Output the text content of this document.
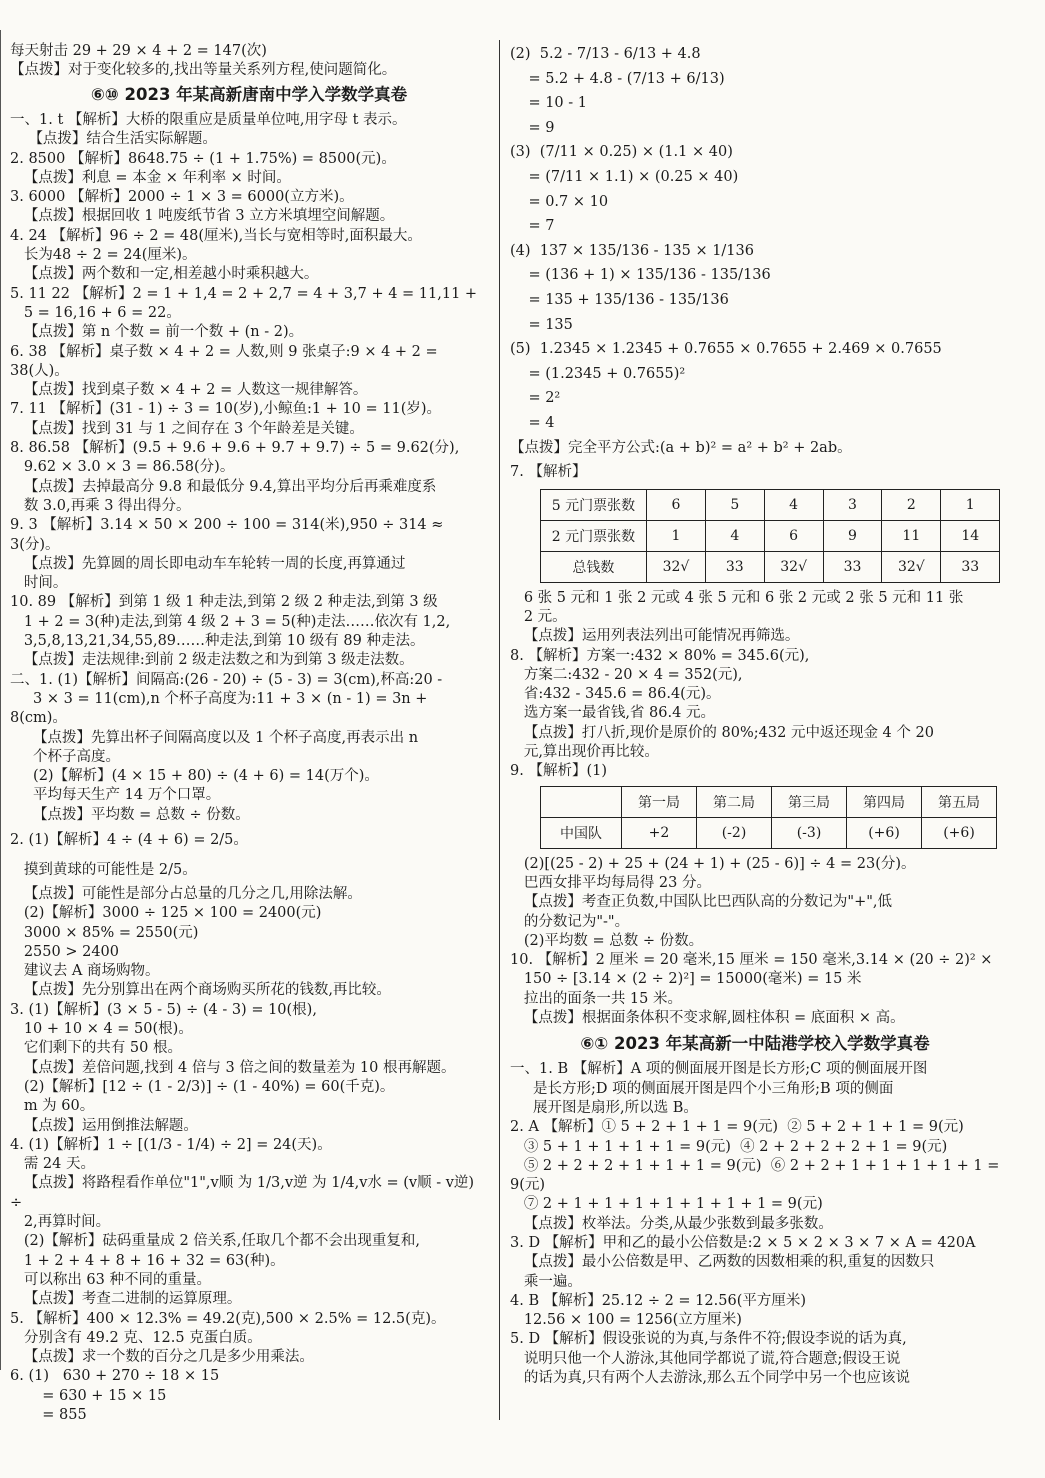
每天射击 29 + 29 × 4 + 2 = 147(次)
【点拨】对于变化较多的,找出等量关系列方程,使问题简化。
⑥⑩ 2023 年某高新唐南中学入学数学真卷
一、1. t 【解析】大桥的限重应是质量单位吨,用字母 t 表示。
【点拨】结合生活实际解题。
2. 8500 【解析】8648.75 ÷ (1 + 1.75%) = 8500(元)。
【点拨】利息 = 本金 × 年利率 × 时间。
3. 6000 【解析】2000 ÷ 1 × 3 = 6000(立方米)。
【点拨】根据回收 1 吨废纸节省 3 立方米填埋空间解题。
4. 24 【解析】96 ÷ 2 = 48(厘米),当长与宽相等时,面积最大。
长为48 ÷ 2 = 24(厘米)。
【点拨】两个数和一定,相差越小时乘积越大。
5. 11 22 【解析】2 = 1 + 1,4 = 2 + 2,7 = 4 + 3,7 + 4 = 11,11 +
5 = 16,16 + 6 = 22。
【点拨】第 n 个数 = 前一个数 + (n - 2)。
6. 38 【解析】桌子数 × 4 + 2 = 人数,则 9 张桌子:9 × 4 + 2 = 38(人)。
【点拨】找到桌子数 × 4 + 2 = 人数这一规律解答。
7. 11 【解析】(31 - 1) ÷ 3 = 10(岁),小鲸鱼:1 + 10 = 11(岁)。
【点拨】找到 31 与 1 之间存在 3 个年龄差是关键。
8. 86.58 【解析】(9.5 + 9.6 + 9.6 + 9.7 + 9.7) ÷ 5 = 9.62(分),
9.62 × 3.0 × 3 = 86.58(分)。
【点拨】去掉最高分 9.8 和最低分 9.4,算出平均分后再乘难度系
数 3.0,再乘 3 得出得分。
9. 3 【解析】3.14 × 50 × 200 ÷ 100 = 314(米),950 ÷ 314 ≈ 3(分)。
【点拨】先算圆的周长即电动车车轮转一周的长度,再算通过
时间。
10. 89 【解析】到第 1 级 1 种走法,到第 2 级 2 种走法,到第 3 级
1 + 2 = 3(种)走法,到第 4 级 2 + 3 = 5(种)走法……依次有 1,2,
3,5,8,13,21,34,55,89……种走法,到第 10 级有 89 种走法。
【点拨】走法规律:到前 2 级走法数之和为到第 3 级走法数。
二、1. (1)【解析】间隔高:(26 - 20) ÷ (5 - 3) = 3(cm),杯高:20 -
3 × 3 = 11(cm),n 个杯子高度为:11 + 3 × (n - 1) = 3n + 8(cm)。
【点拨】先算出杯子间隔高度以及 1 个杯子高度,再表示出 n
个杯子高度。
(2)【解析】(4 × 15 + 80) ÷ (4 + 6) = 14(万个)。
平均每天生产 14 万个口罩。
【点拨】平均数 = 总数 ÷ 份数。
2. (1)【解析】4 ÷ (4 + 6) = 2/5。
摸到黄球的可能性是 2/5。
【点拨】可能性是部分占总量的几分之几,用除法解。
(2)【解析】3000 ÷ 125 × 100 = 2400(元)
3000 × 85% = 2550(元)
2550 > 2400
建议去 A 商场购物。
【点拨】先分别算出在两个商场购买所花的钱数,再比较。
3. (1)【解析】(3 × 5 - 5) ÷ (4 - 3) = 10(根),
10 + 10 × 4 = 50(根)。
它们剩下的共有 50 根。
【点拨】差倍问题,找到 4 倍与 3 倍之间的数量差为 10 根再解题。
(2)【解析】[12 ÷ (1 - 2/3)] ÷ (1 - 40%) = 60(千克)。
m 为 60。
【点拨】运用倒推法解题。
4. (1)【解析】1 ÷ [(1/3 - 1/4) ÷ 2] = 24(天)。
需 24 天。
【点拨】将路程看作单位"1",v顺 为 1/3,v逆 为 1/4,v水 = (v顺 - v逆) ÷
2,再算时间。
(2)【解析】砝码重量成 2 倍关系,任取几个都不会出现重复和,
1 + 2 + 4 + 8 + 16 + 32 = 63(种)。
可以称出 63 种不同的重量。
【点拨】考查二进制的运算原理。
5. 【解析】400 × 12.3% = 49.2(克),500 × 2.5% = 12.5(克)。
分别含有 49.2 克、12.5 克蛋白质。
【点拨】求一个数的百分之几是多少用乘法。
6. (1)   630 + 270 ÷ 18 × 15
= 630 + 15 × 15
= 855
(2)  5.2 - 7/13 - 6/13 + 4.8
= 5.2 + 4.8 - (7/13 + 6/13)
= 10 - 1
= 9
(3)  (7/11 × 0.25) × (1.1 × 40)
= (7/11 × 1.1) × (0.25 × 40)
= 0.7 × 10
= 7
(4)  137 × 135/136 - 135 × 1/136
= (136 + 1) × 135/136 - 135/136
= 135 + 135/136 - 135/136
= 135
(5)  1.2345 × 1.2345 + 0.7655 × 0.7655 + 2.469 × 0.7655
= (1.2345 + 0.7655)²
= 2²
= 4
【点拨】完全平方公式:(a + b)² = a² + b² + 2ab。
7. 【解析】
5 元门票张数	6	5	4	3	2	1
2 元门票张数	1	4	6	9	11	14
总钱数	32√	33	32√	33	32√	33
6 张 5 元和 1 张 2 元或 4 张 5 元和 6 张 2 元或 2 张 5 元和 11 张
2 元。
【点拨】运用列表法列出可能情况再筛选。
8. 【解析】方案一:432 × 80% = 345.6(元),
方案二:432 - 20 × 4 = 352(元),
省:432 - 345.6 = 86.4(元)。
选方案一最省钱,省 86.4 元。
【点拨】打八折,现价是原价的 80%;432 元中返还现金 4 个 20
元,算出现价再比较。
9. 【解析】(1)
	第一局	第二局	第三局	第四局	第五局
中国队	+2	(-2)	(-3)	(+6)	(+6)
(2)[(25 - 2) + 25 + (24 + 1) + (25 - 6)] ÷ 4 = 23(分)。
巴西女排平均每局得 23 分。
【点拨】考查正负数,中国队比巴西队高的分数记为"+",低
的分数记为"-"。
(2)平均数 = 总数 ÷ 份数。
10. 【解析】2 厘米 = 20 毫米,15 厘米 = 150 毫米,3.14 × (20 ÷ 2)² ×
150 ÷ [3.14 × (2 ÷ 2)²] = 15000(毫米) = 15 米
拉出的面条一共 15 米。
【点拨】根据面条体积不变求解,圆柱体积 = 底面积 × 高。
⑥① 2023 年某高新一中陆港学校入学数学真卷
一、1. B 【解析】A 项的侧面展开图是长方形;C 项的侧面展开图
是长方形;D 项的侧面展开图是四个小三角形;B 项的侧面
展开图是扇形,所以选 B。
2. A 【解析】① 5 + 2 + 1 + 1 = 9(元)  ② 5 + 2 + 1 + 1 = 9(元)
③ 5 + 1 + 1 + 1 + 1 = 9(元)  ④ 2 + 2 + 2 + 2 + 1 = 9(元)
⑤ 2 + 2 + 2 + 1 + 1 + 1 = 9(元)  ⑥ 2 + 2 + 1 + 1 + 1 + 1 + 1 = 9(元)
⑦ 2 + 1 + 1 + 1 + 1 + 1 + 1 + 1 = 9(元)
【点拨】枚举法。分类,从最少张数到最多张数。
3. D 【解析】甲和乙的最小公倍数是:2 × 5 × 2 × 3 × 7 × A = 420A
【点拨】最小公倍数是甲、乙两数的因数相乘的积,重复的因数只
乘一遍。
4. B 【解析】25.12 ÷ 2 = 12.56(平方厘米)
12.56 × 100 = 1256(立方厘米)
5. D 【解析】假设张说的为真,与条件不符;假设李说的话为真,
说明只他一个人游泳,其他同学都说了谎,符合题意;假设王说
的话为真,只有两个人去游泳,那么五个同学中另一个也应该说
